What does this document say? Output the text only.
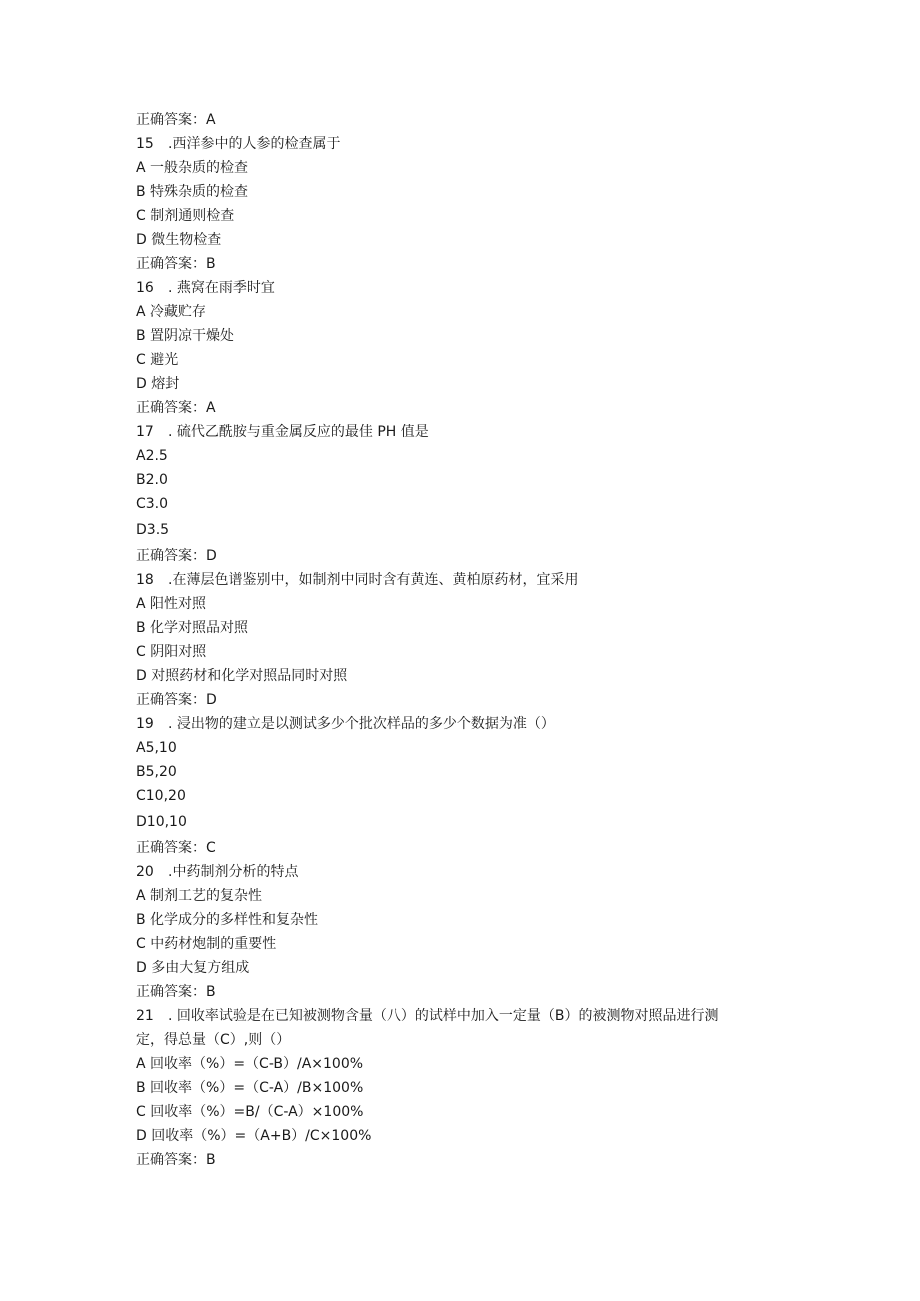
正确答案：A
15 .西洋参中的人参的检查属于
A 一般杂质的检查
B 特殊杂质的检查
C 制剂通则检查
D 微生物检查
正确答案：B
16 . 燕窝在雨季时宜
A 冷藏贮存
B 置阴凉干燥处
C 避光
D 熔封
正确答案：A
17 . 硫代乙酰胺与重金属反应的最佳 PH 值是
A2.5
B2.0
C3.0
D3.5
正确答案：D
18 .在薄层色谱鉴别中，如制剂中同时含有黄连、黄柏原药材，宜采用
A 阳性对照
B 化学对照品对照
C 阴阳对照
D 对照药材和化学对照品同时对照
正确答案：D
19 . 浸出物的建立是以测试多少个批次样品的多少个数据为准（）
A5,10
B5,20
C10,20
D10,10
正确答案：C
20 .中药制剂分析的特点
A 制剂工艺的复杂性
B 化学成分的多样性和复杂性
C 中药材炮制的重要性
D 多由大复方组成
正确答案：B
21 . 回收率试验是在已知被测物含量（八）的试样中加入一定量（B）的被测物对照品进行测
定，得总量（C）,则（）
A 回收率（%）=（C-B）/A×100%
B 回收率（%）=（C-A）/B×100%
C 回收率（%）=B/（C-A）×100%
D 回收率（%）=（A+B）/C×100%
正确答案：B
